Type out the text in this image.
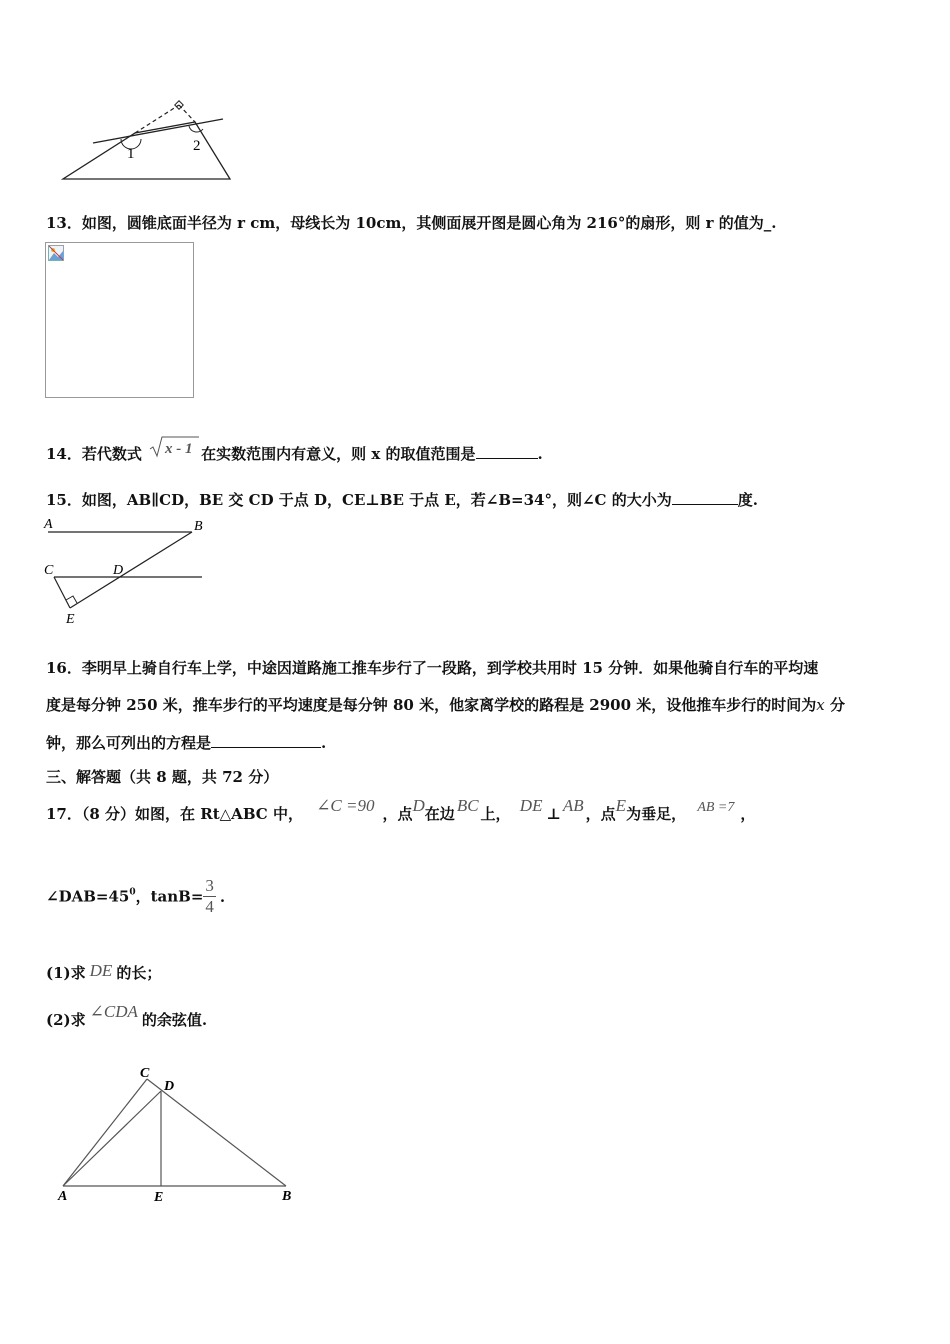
1	2
13．如图，圆锥底面半径为 r cm，母线长为 10cm，其侧面展开图是圆心角为 216°的扇形，则 r 的值为_.
14．若代数式 x - 1 在实数范围内有意义，则 x 的取值范围是	.
15．如图，AB∥CD，BE 交 CD 于点 D，CE⊥BE 于点 E，若∠B=34°，则∠C 的大小为	度.
A	B
C	D
E
16．李明早上骑自行车上学，中途因道路施工推车步行了一段路，到学校共用时 15 分钟．如果他骑自行车的平均速
度是每分钟 250 米，推车步行的平均速度是每分钟 80 米，他家离学校的路程是 2900 米，设他推车步行的时间为x 分
钟，那么可列出的方程是	.
三、解答题（共 8 题，共 72 分）
17．（8 分）如图，在 Rt△ABC 中， ∠C =90 ，点D在边 BC 上， DE ⊥ AB ，点E为垂足， AB =7 ，
$\angle DAB=45^0$，$\tan B= \frac{3}{4}$ .
(1)求 DE 的长；
(2)求 ∠CDA 的余弦值.
C
D
A	E	B
